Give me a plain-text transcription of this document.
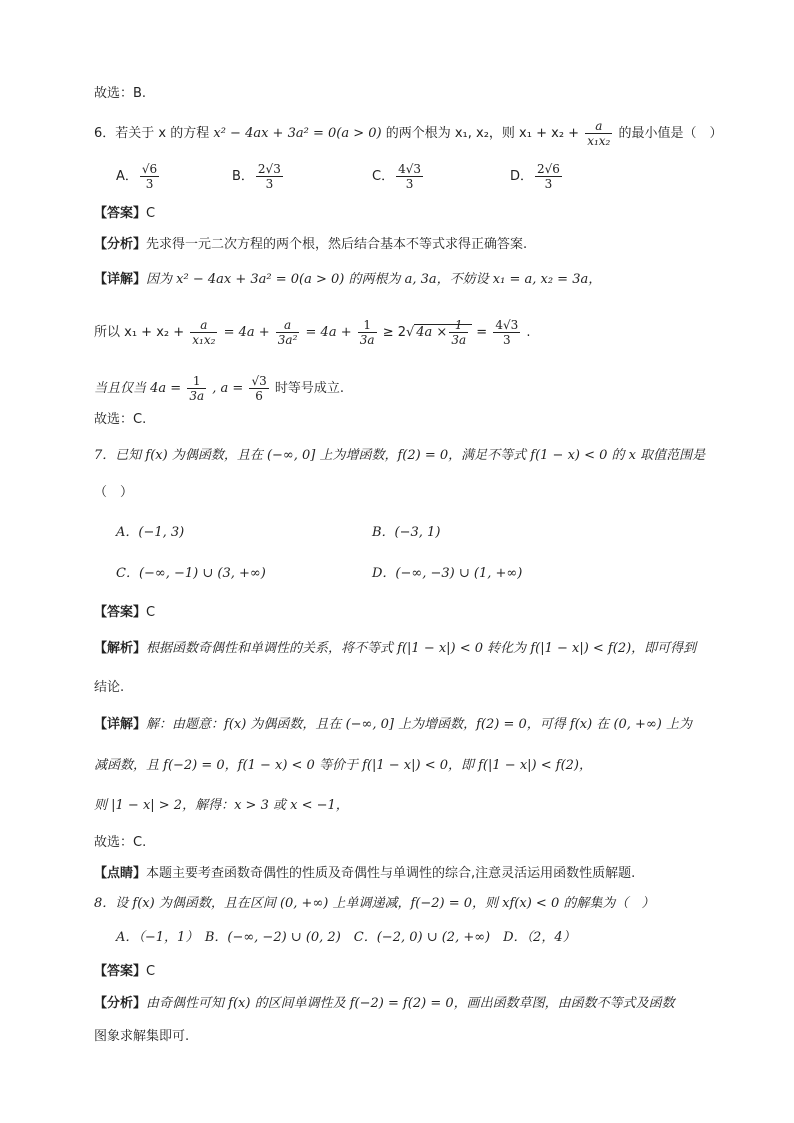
故选：B.
6．若关于 x 的方程 x² − 4ax + 3a² = 0(a > 0) 的两个根为 x₁, x₂，则 $x_1 + x_2 + \frac{a}{\text{x₁x₂}}$ 的最小值是（　）
A． $\frac{√6}{3}$	B． $\frac{2√3}{3}$	C． $\frac{4√3}{3}$	D． $\frac{2√6}{3}$
【答案】C
【分析】先求得一元二次方程的两个根，然后结合基本不等式求得正确答案.
【详解】因为 x² − 4ax + 3a² = 0(a > 0) 的两根为 a, 3a，不妨设 x₁ = a, x₂ = 3a，
所以 $x_1 + x_2 + \frac{a}{\text{x₁x₂}} = 4a + \frac{a}{\text{3a²}} = 4a + \frac{1}{3a} \ge 2√$ $4a \times \frac{1}{3a} = \frac{4√3}{3}$ .
当且仅当 $4a = \frac{1}{3a}$ , $a = \frac{√3}{6}$ 时等号成立.
故选：C.
7．已知 f(x) 为偶函数，且在 (−∞, 0] 上为增函数，f(2) = 0，满足不等式 f(1 − x) < 0 的 x 取值范围是
（　）
A．(−1, 3)	B．(−3, 1)
C．(−∞, −1) ∪ (3, +∞)	D．(−∞, −3) ∪ (1, +∞)
【答案】C
【解析】根据函数奇偶性和单调性的关系，将不等式 f(|1 − x|) < 0 转化为 f(|1 − x|) < f(2)，即可得到
结论.
【详解】解：由题意：f(x) 为偶函数，且在 (−∞, 0] 上为增函数，f(2) = 0，可得 f(x) 在 (0, +∞) 上为
减函数，且 f(−2) = 0，f(1 − x) < 0 等价于 f(|1 − x|) < 0，即 f(|1 − x|) < f(2)，
则 |1 − x| > 2，解得：x > 3 或 x < −1，
故选：C.
【点睛】本题主要考查函数奇偶性的性质及奇偶性与单调性的综合,注意灵活运用函数性质解题.
8．设 f(x) 为偶函数，且在区间 (0, +∞) 上单调递减，f(−2) = 0，则 xf(x) < 0 的解集为（　）
A．（−1，1）　B．(−∞, −2) ∪ (0, 2)　C．(−2, 0) ∪ (2, +∞)　D．（2，4）
【答案】C
【分析】由奇偶性可知 f(x) 的区间单调性及 f(−2) = f(2) = 0，画出函数草图，由函数不等式及函数
图象求解集即可.
